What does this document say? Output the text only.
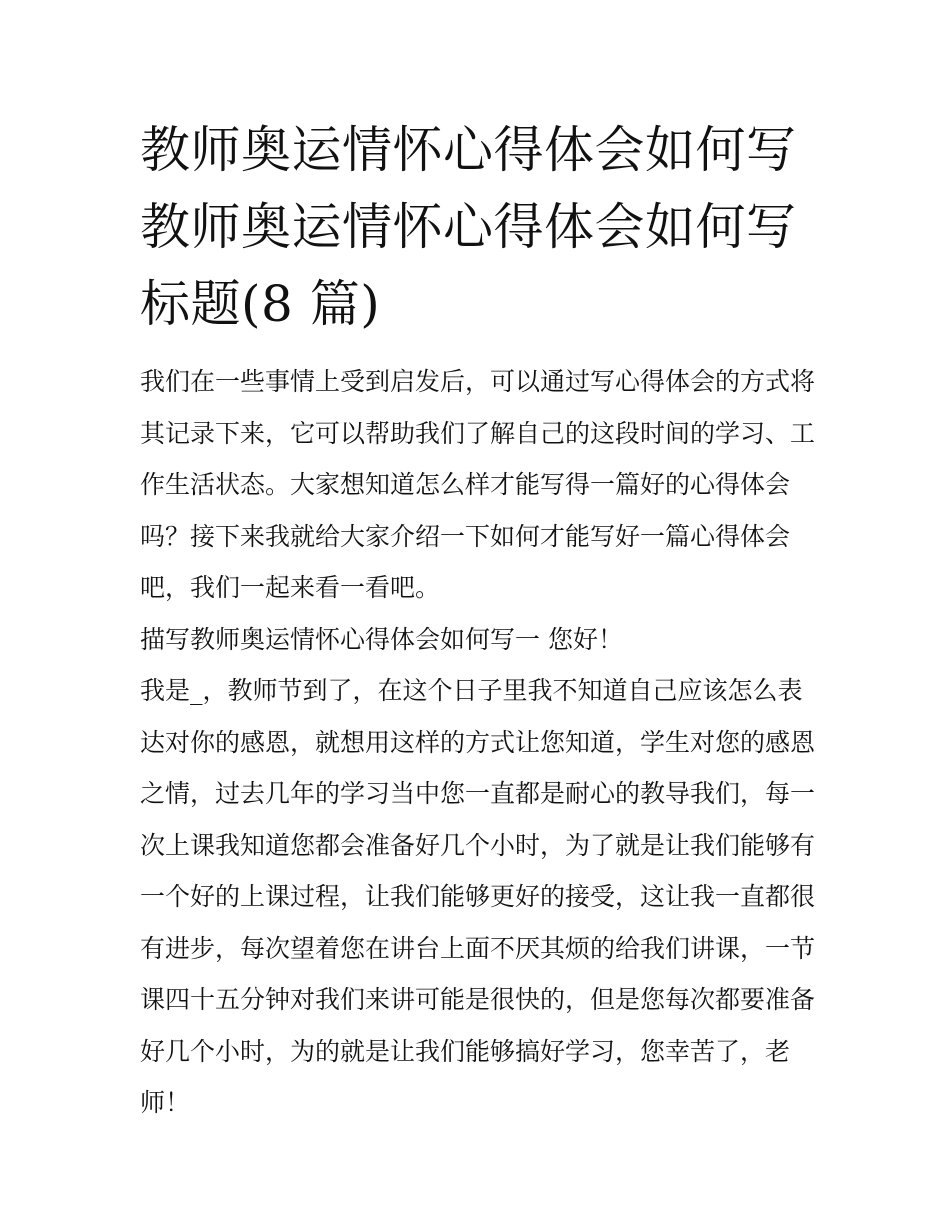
教师奥运情怀心得体会如何写
教师奥运情怀心得体会如何写
标题(8 篇)
我们在一些事情上受到启发后，可以通过写心得体会的方式将
其记录下来，它可以帮助我们了解自己的这段时间的学习、工
作生活状态。大家想知道怎么样才能写得一篇好的心得体会
吗？接下来我就给大家介绍一下如何才能写好一篇心得体会
吧，我们一起来看一看吧。
描写教师奥运情怀心得体会如何写一 您好！
我是_，教师节到了，在这个日子里我不知道自己应该怎么表
达对你的感恩，就想用这样的方式让您知道，学生对您的感恩
之情，过去几年的学习当中您一直都是耐心的教导我们，每一
次上课我知道您都会准备好几个小时，为了就是让我们能够有
一个好的上课过程，让我们能够更好的接受，这让我一直都很
有进步，每次望着您在讲台上面不厌其烦的给我们讲课，一节
课四十五分钟对我们来讲可能是很快的，但是您每次都要准备
好几个小时，为的就是让我们能够搞好学习，您幸苦了，老
师！
